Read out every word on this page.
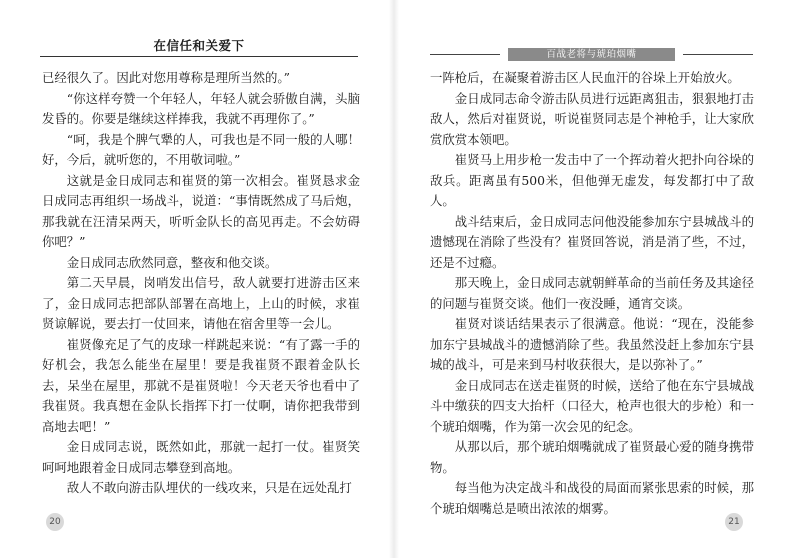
在信任和关爱下

已经很久了。因此对您用尊称是理所当然的。”

“你这样夸赞一个年轻人，年轻人就会骄傲自满，头脑发昏的。你要是继续这样捧我，我就不再理你了。”

“呵，我是个脾气犟的人，可我也是不同一般的人哪！好，今后，就听您的，不用敬词啦。”

这就是金日成同志和崔贤的第一次相会。崔贤恳求金日成同志再组织一场战斗，说道：“事情既然成了马后炮，那我就在汪清呆两天，听听金队长的高见再走。不会妨碍你吧？”

金日成同志欣然同意，整夜和他交谈。

第二天早晨，岗哨发出信号，敌人就要打进游击区来了，金日成同志把部队部署在高地上，上山的时候，求崔贤谅解说，要去打一仗回来，请他在宿舍里等一会儿。

崔贤像充足了气的皮球一样跳起来说：“有了露一手的好机会，我怎么能坐在屋里！要是我崔贤不跟着金队长去，呆坐在屋里，那就不是崔贤啦！今天老天爷也看中了我崔贤。我真想在金队长指挥下打一仗啊，请你把我带到高地去吧！”

金日成同志说，既然如此，那就一起打一仗。崔贤笑呵呵地跟着金日成同志攀登到高地。

敌人不敢向游击队埋伏的一线攻来，只是在远处乱打

20
百战老将与琥珀烟嘴

一阵枪后，在凝聚着游击区人民血汗的谷垛上开始放火。

金日成同志命令游击队员进行远距离狙击，狠狠地打击敌人，然后对崔贤说，听说崔贤同志是个神枪手，让大家欣赏欣赏本领吧。

崔贤马上用步枪一发击中了一个挥动着火把扑向谷垛的敌兵。距离虽有500米，但他弹无虚发，每发都打中了敌人。

战斗结束后，金日成同志问他没能参加东宁县城战斗的遗憾现在消除了些没有？崔贤回答说，消是消了些，不过，还是不过瘾。

那天晚上，金日成同志就朝鲜革命的当前任务及其途径的问题与崔贤交谈。他们一夜没睡，通宵交谈。

崔贤对谈话结果表示了很满意。他说：“现在，没能参加东宁县城战斗的遗憾消除了些。我虽然没赶上参加东宁县城的战斗，可是来到马村收获很大，是以弥补了。”

金日成同志在送走崔贤的时候，送给了他在东宁县城战斗中缴获的四支大抬杆（口径大，枪声也很大的步枪）和一个琥珀烟嘴，作为第一次会见的纪念。

从那以后，那个琥珀烟嘴就成了崔贤最心爱的随身携带物。

每当他为决定战斗和战役的局面而紧张思索的时候，那个琥珀烟嘴总是喷出浓浓的烟雾。

21
